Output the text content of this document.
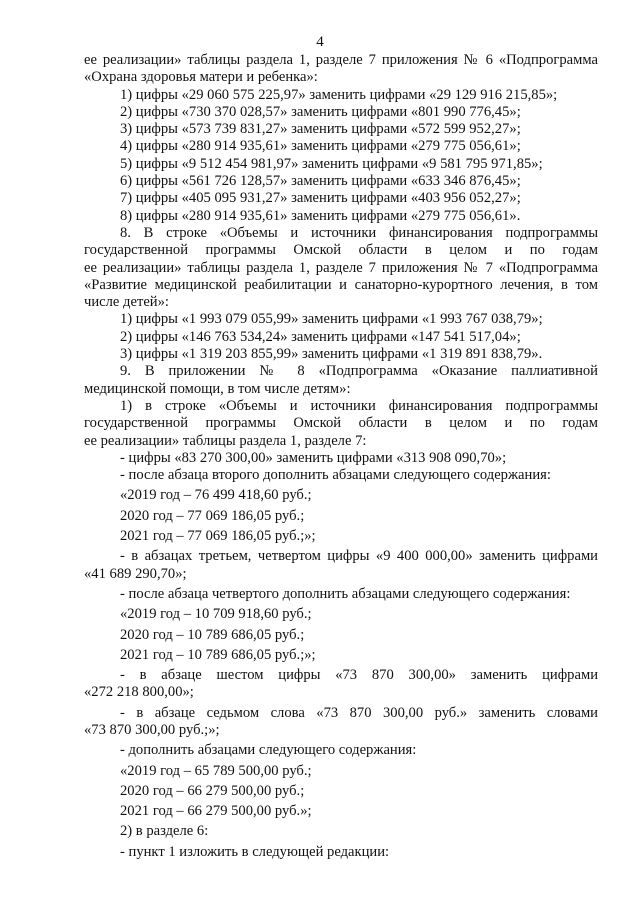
4

ее реализации» таблицы раздела 1, разделе 7 приложения № 6 «Подпрограмма

«Охрана здоровья матери и ребенка»:

1) цифры «29 060 575 225,97» заменить цифрами «29 129 916 215,85»;

2) цифры «730 370 028,57» заменить цифрами «801 990 776,45»;

3) цифры «573 739 831,27» заменить цифрами «572 599 952,27»;

4) цифры «280 914 935,61» заменить цифрами «279 775 056,61»;

5) цифры «9 512 454 981,97» заменить цифрами «9 581 795 971,85»;

6) цифры «561 726 128,57» заменить цифрами «633 346 876,45»;

7) цифры «405 095 931,27» заменить цифрами «403 956 052,27»;

8) цифры «280 914 935,61» заменить цифрами «279 775 056,61».

8. В строке «Объемы и источники финансирования подпрограммы

государственной программы Омской области в целом и по годам

ее реализации» таблицы раздела 1, разделе 7 приложения № 7 «Подпрограмма

«Развитие медицинской реабилитации и санаторно-курортного лечения, в том

числе детей»:

1) цифры «1 993 079 055,99» заменить цифрами «1 993 767 038,79»;

2) цифры «146 763 534,24» заменить цифрами «147 541 517,04»;

3) цифры «1 319 203 855,99» заменить цифрами «1 319 891 838,79».

9. В приложении № 8 «Подпрограмма «Оказание паллиативной

медицинской помощи, в том числе детям»:

1) в строке «Объемы и источники финансирования подпрограммы

государственной программы Омской области в целом и по годам

ее реализации» таблицы раздела 1, разделе 7:

- цифры «83 270 300,00» заменить цифрами «313 908 090,70»;

- после абзаца второго дополнить абзацами следующего содержания:

«2019 год – 76 499 418,60 руб.;

2020 год – 77 069 186,05 руб.;

2021 год – 77 069 186,05 руб.;»;

- в абзацах третьем, четвертом цифры «9 400 000,00» заменить цифрами

«41 689 290,70»;

- после абзаца четвертого дополнить абзацами следующего содержания:

«2019 год – 10 709 918,60 руб.;

2020 год – 10 789 686,05 руб.;

2021 год – 10 789 686,05 руб.;»;

- в абзаце шестом цифры «73 870 300,00» заменить цифрами

«272 218 800,00»;

- в абзаце седьмом слова «73 870 300,00 руб.» заменить словами

«73 870 300,00 руб.;»;

- дополнить абзацами следующего содержания:

«2019 год – 65 789 500,00 руб.;

2020 год – 66 279 500,00 руб.;

2021 год – 66 279 500,00 руб.»;

2) в разделе 6:

- пункт 1 изложить в следующей редакции:
